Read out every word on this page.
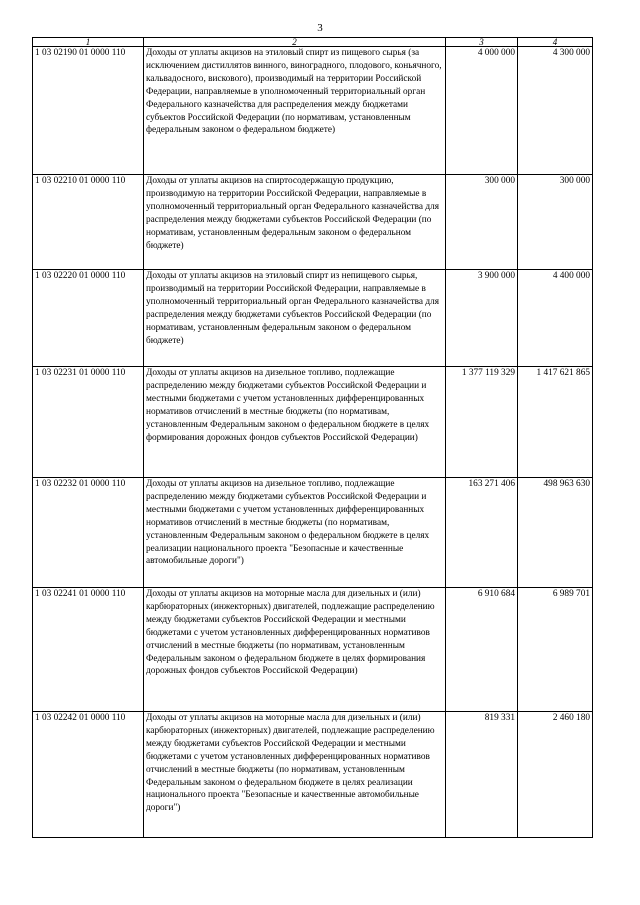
3
1	2	3	4
1 03 02190 01 0000 110	Доходы от уплаты акцизов на этиловый спирт из пищевого сырья (за исключением дистиллятов винного, виноградного, плодового, коньячного, кальвадосного, вискового), производимый на территории Российской Федерации, направляемые в уполномоченный территориальный орган Федерального казначейства для распределения между бюджетами субъектов Российской Федерации (по нормативам, установленным федеральным законом о федеральном бюджете)	4 000 000	4 300 000
1 03 02210 01 0000 110	Доходы от уплаты акцизов на спиртосодержащую продукцию, производимую на территории Российской Федерации, направляемые в уполномоченный территориальный орган Федерального казначейства для распределения между бюджетами субъектов Российской Федерации (по нормативам, установленным федеральным законом о федеральном бюджете)	300 000	300 000
1 03 02220 01 0000 110	Доходы от уплаты акцизов на этиловый спирт из непищевого сырья, производимый на территории Российской Федерации, направляемые в уполномоченный территориальный орган Федерального казначейства для распределения между бюджетами субъектов Российской Федерации (по нормативам, установленным федеральным законом о федеральном бюджете)	3 900 000	4 400 000
1 03 02231 01 0000 110	Доходы от уплаты акцизов на дизельное топливо, подлежащие распределению между бюджетами субъектов Российской Федерации и местными бюджетами с учетом установленных дифференцированных нормативов отчислений в местные бюджеты (по нормативам, установленным Федеральным законом о федеральном бюджете в целях формирования дорожных фондов субъектов Российской Федерации)	1 377 119 329	1 417 621 865
1 03 02232 01 0000 110	Доходы от уплаты акцизов на дизельное топливо, подлежащие распределению между бюджетами субъектов Российской Федерации и местными бюджетами с учетом установленных дифференцированных нормативов отчислений в местные бюджеты (по нормативам, установленным Федеральным законом о федеральном бюджете в целях реализации национального проекта "Безопасные и качественные автомобильные дороги")	163 271 406	498 963 630
1 03 02241 01 0000 110	Доходы от уплаты акцизов на моторные масла для дизельных и (или) карбюраторных (инжекторных) двигателей, подлежащие распределению между бюджетами субъектов Российской Федерации и местными бюджетами с учетом установленных дифференцированных нормативов отчислений в местные бюджеты (по нормативам, установленным Федеральным законом о федеральном бюджете в целях формирования дорожных фондов субъектов Российской Федерации)	6 910 684	6 989 701
1 03 02242 01 0000 110	Доходы от уплаты акцизов на моторные масла для дизельных и (или) карбюраторных (инжекторных) двигателей, подлежащие распределению между бюджетами субъектов Российской Федерации и местными бюджетами с учетом установленных дифференцированных нормативов отчислений в местные бюджеты (по нормативам, установленным Федеральным законом о федеральном бюджете в целях реализации национального проекта "Безопасные и качественные автомобильные дороги")	819 331	2 460 180
